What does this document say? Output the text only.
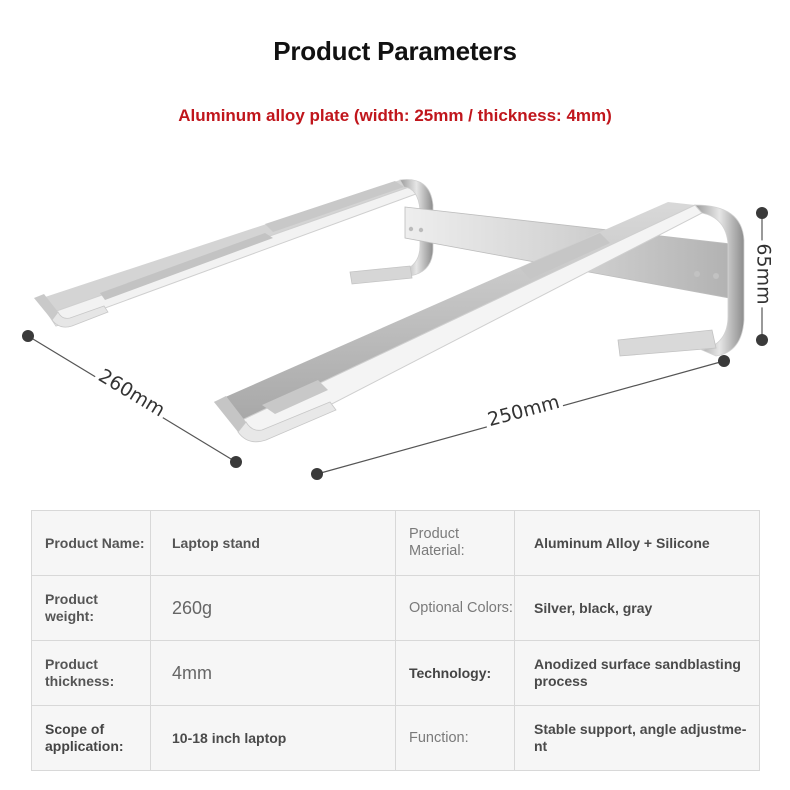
Product Parameters
Aluminum alloy plate (width: 25mm / thickness: 4mm)
260mm	250mm
65mm
Product Name:	Laptop stand	Product Material:	Aluminum Alloy + Silicone
Product weight:	260g	Optional Colors:	Silver, black, gray
Product thickness:	4mm	Technology:	Anodized surface sandblasting process
Scope of application:	10-18 inch laptop	Function:	Stable support, angle adjustme-nt
